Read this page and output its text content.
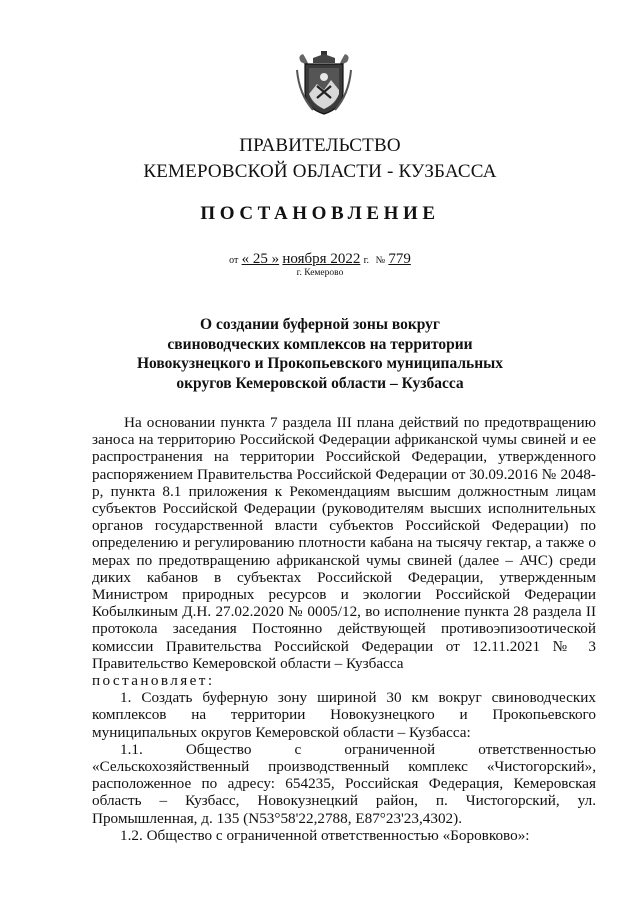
ПРАВИТЕЛЬСТВО
КЕМЕРОВСКОЙ ОБЛАСТИ - КУЗБАССА
ПОСТАНОВЛЕНИЕ
от « 25 » ноября 2022 г. № 779
г. Кемерово
О создании буферной зоны вокруг
свиноводческих комплексов на территории
Новокузнецкого и Прокопьевского муниципальных
округов Кемеровской области – Кузбасса

На основании пункта 7 раздела III плана действий по предотвращению заноса на территорию Российской Федерации африканской чумы свиней и ее распространения на территории Российской Федерации, утвержденного распоряжением Правительства Российской Федерации от 30.09.2016 № 2048-р, пункта 8.1 приложения к Рекомендациям высшим должностным лицам субъектов Российской Федерации (руководителям высших исполнительных органов государственной власти субъектов Российской Федерации) по определению и регулированию плотности кабана на тысячу гектар, а также о мерах по предотвращению африканской чумы свиней (далее – АЧС) среди диких кабанов в субъектах Российской Федерации, утвержденным Министром природных ресурсов и экологии Российской Федерации Кобылкиным Д.Н. 27.02.2020 № 0005/12, во исполнение пункта 28 раздела II протокола заседания Постоянно действующей противоэпизоотической комиссии Правительства Российской Федерации от 12.11.2021 № 3 Правительство Кемеровской области – Кузбасса

постановляет:

1. Создать буферную зону шириной 30 км вокруг свиноводческих комплексов на территории Новокузнецкого и Прокопьевского муниципальных округов Кемеровской области – Кузбасса:

1.1. Общество с ограниченной ответственностью «Сельскохозяйственный производственный комплекс «Чистогорский», расположенное по адресу: 654235, Российская Федерация, Кемеровская область – Кузбасс, Новокузнецкий район, п. Чистогорский, ул. Промышленная, д. 135 (N53°58'22,2788, E87°23'23,4302).

1.2. Общество с ограниченной ответственностью «Боровково»:
